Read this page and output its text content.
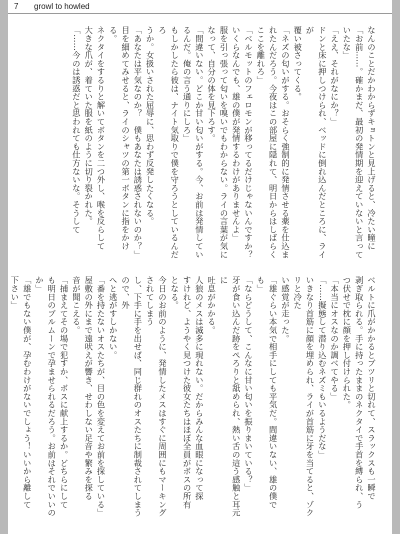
7 growl to howled
なんのことだかわからずキョトンと見上げると、冷たい瞳に
「お前……。確かまだ、最初の発情期を迎えていないと言って
いたな」
「ええ、それがなにか？」
ドンと床に押しつけられ、ベッドに倒れ込んだところに、ライが
覆い被さってくる。
「ネズの匂いがする。おそらく強制的に発情させる薬を仕込ま
れたんだろう。今夜はこの部屋に隠れて、明日からはしばらく
ここを離れろ」
「ベルモットのフェロモンが移ってるだけじゃないんですか？
いくらなんでも、雄の僕が発情するわけがありませんよ」
服を引っ張って匂いを嗅いでもわからない。ライの言葉が気に
なって、自分の体を見下ろす。
「間違いない。どこか甘い匂いがする。今、お前は発情してい
るんだ。俺の言う通りにしろ」
もしかしたら彼は、ナイト気取りで僕を守ろうとしているんだろ
うか。女扱いされた屈辱に、思わず反発したくなる。
「あなたは平気なのか？　僕もあなたは誘惑されないのか？」
目を細めてみせると、ライのシャツの第一ボタンに指をかける。
ネクタイをするりと解いてボタンを二つ外し、喉を反らして
大きな爪が、着ていた服を紙のように切り裂かれた。
「……今のは誘惑だと思われても仕方ないな。そうして
ベルトに爪がかかるとブツリと切れて、スラックスも一瞬で
剥ぎ取られる。手に持ったままのネクタイで手首を縛られ、う
つ伏せで枕に顔を押し付けられた。
「本当にオスなのか調べてやる」
「……擬態して潜り込むネズミもいるようだな」
いきなり首筋に顔を埋められ、ライが首筋に牙を当てると、ゾクリと冷た
い感覚が走った。
「雄ぐらい本気で相手にしても平気だ。間違いない、雄の僕で
も」
「ならどうして、こんなに甘い匂いを振りまいている？」
牙が食い込んだ跡をぺろりと舐められ、熱い舌の這う感触と耳元に
吐息がかかる。
人狼のメスは滅多に現れない。だからみんな血眼になって探
すけれど、ようやく見つけた彼女たちはほぼ全員がボスの所有
となる。
今日のお前のように、発情したメスはすぐに周囲にもマーキングされてしまう
し、下手に手を出せば、同じ群れのオスたちに制裁されてしまうので、外
へと逃がすしかない。
「番を持たないオスたちが、目の色を変えてお前を探している」
屋敷の外にまで遠吠えが響き、せわしない足音や繁みを探る
音が聞こえる。
「捕まえてその場で犯すか、ボスに献上するか。どちらにして
も明日のブルムーンで孕ませられるだろう。お前はそれでいいのか」
「雄でもない僕が、孕むわけがないでしょう！いいから離して
下さい」
